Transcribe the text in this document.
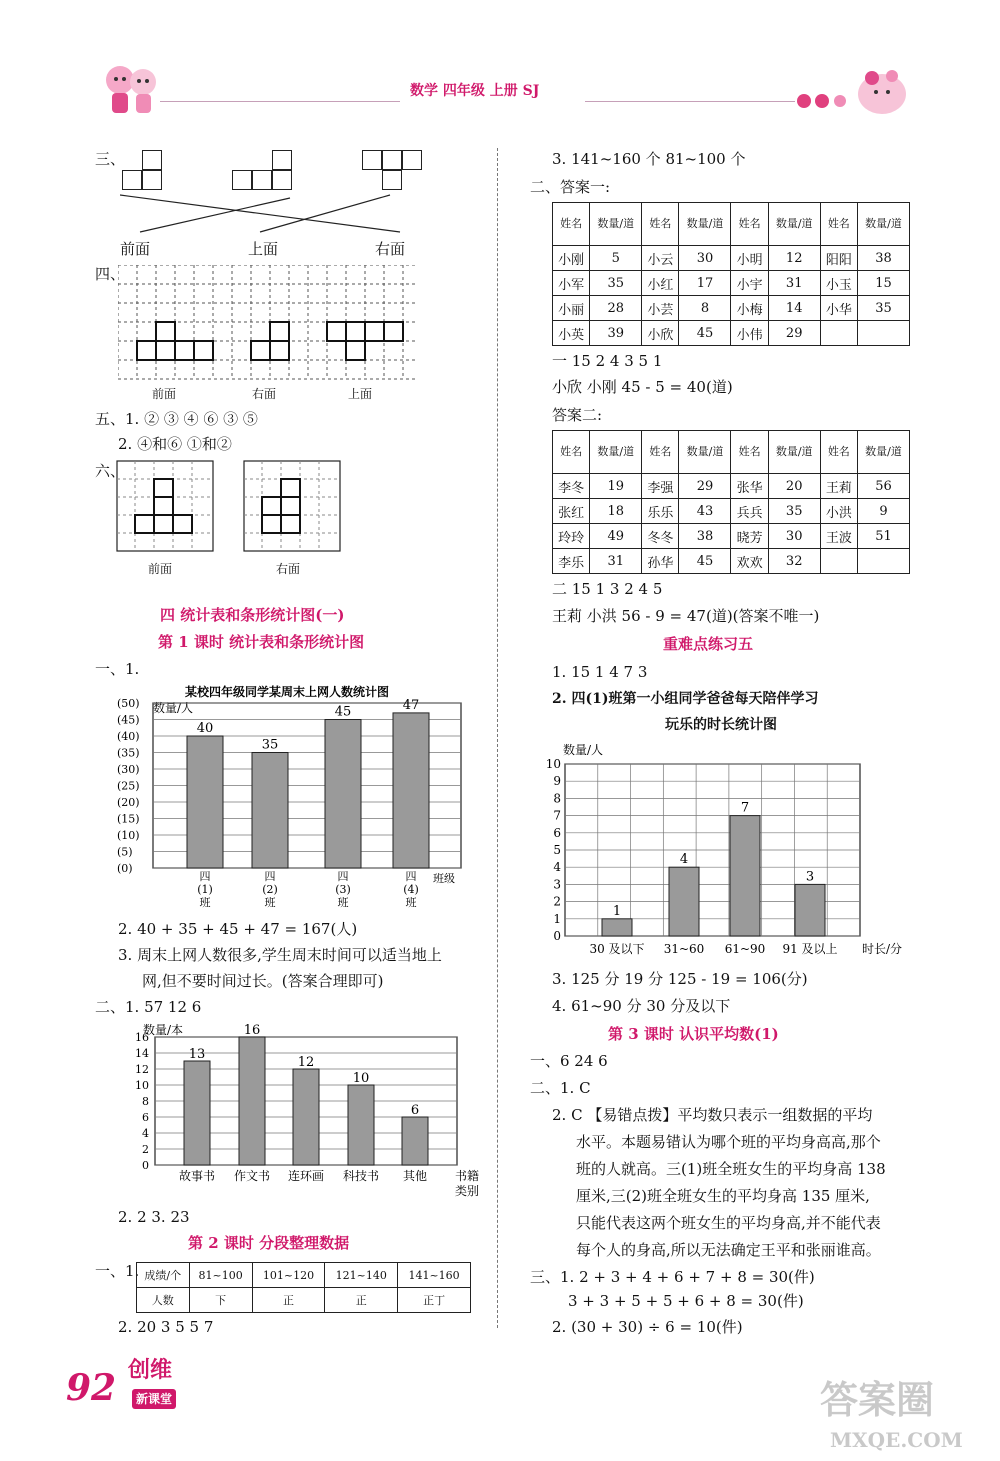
数学 四年级 上册 SJ
三、
前面	上面	右面
四、
前面	右面	上面
五、1. ② ③ ④ ⑥ ③ ⑤
2. ④和⑥ ①和②
六、
前面	右面
四 统计表和条形统计图(一)
第 1 课时 统计表和条形统计图
一、1.
某校四年级同学某周末上网人数统计图
数量/人
(50)
(45)
(40)
(35)
(30)
(25)
(20)
(15)
(10)
(5)
(0)
40
四
(1)
班
35
四
(2)
班
45
四
(3)
班
47
四
(4)
班
班级
2. 40 + 35 + 45 + 47 = 167(人)
3. 周末上网人数很多,学生周末时间可以适当地上
网,但不要时间过长。(答案合理即可)
二、1. 57 12 6
数量/本
0
2
4
6
8
10
12
14
16
13
故事书
16
作文书
12
连环画
10
科技书
6
其他 书籍
类别
2. 2 3. 23
第 2 课时 分段整理数据
一、1. 成绩/个	81~100	101~120	121~140	141~160
人数	下	正	正	正丁
2. 20 3 5 5 7
3. 141~160 个 81~100 个
二、答案一:
姓名	数量/道	姓名	数量/道	姓名	数量/道	姓名	数量/道
小刚	5	小云	30	小明	12	阳阳	38
小军	35	小红	17	小宇	31	小玉	15
小丽	28	小芸	8	小梅	14	小华	35
小英	39	小欣	45	小伟	29		
一 15 2 4 3 5 1
小欣 小刚 45 - 5 = 40(道)
答案二:
姓名	数量/道	姓名	数量/道	姓名	数量/道	姓名	数量/道
李冬	19	李强	29	张华	20	王莉	56
张红	18	乐乐	43	兵兵	35	小洪	9
玲玲	49	冬冬	38	晓芳	30	王波	51
李乐	31	孙华	45	欢欢	32		
二 15 1 3 2 4 5
王莉 小洪 56 - 9 = 47(道)(答案不唯一)
重难点练习五
1. 15 1 4 7 3
2. 四(1)班第一小组同学爸爸每天陪伴学习
玩乐的时长统计图
数量/人
0
1
2
3
4
5
6
7
8
9
10
1
30 及以下
4
31~60
7
61~90
3
91 及以上 时长/分
3. 125 分 19 分 125 - 19 = 106(分)
4. 61~90 分 30 分及以下
第 3 课时 认识平均数(1)
一、6 24 6
二、1. C
2. C 【易错点拨】平均数只表示一组数据的平均
水平。本题易错认为哪个班的平均身高高,那个
班的人就高。三(1)班全班女生的平均身高 138
厘米,三(2)班全班女生的平均身高 135 厘米,
只能代表这两个班女生的平均身高,并不能代表
每个人的身高,所以无法确定王平和张丽谁高。
三、1. 2 + 3 + 4 + 6 + 7 + 8 = 30(件)
3 + 3 + 5 + 5 + 6 + 8 = 30(件)
2. (30 + 30) ÷ 6 = 10(件)
92 创维
新课堂	答案圈
MXQE.COM
